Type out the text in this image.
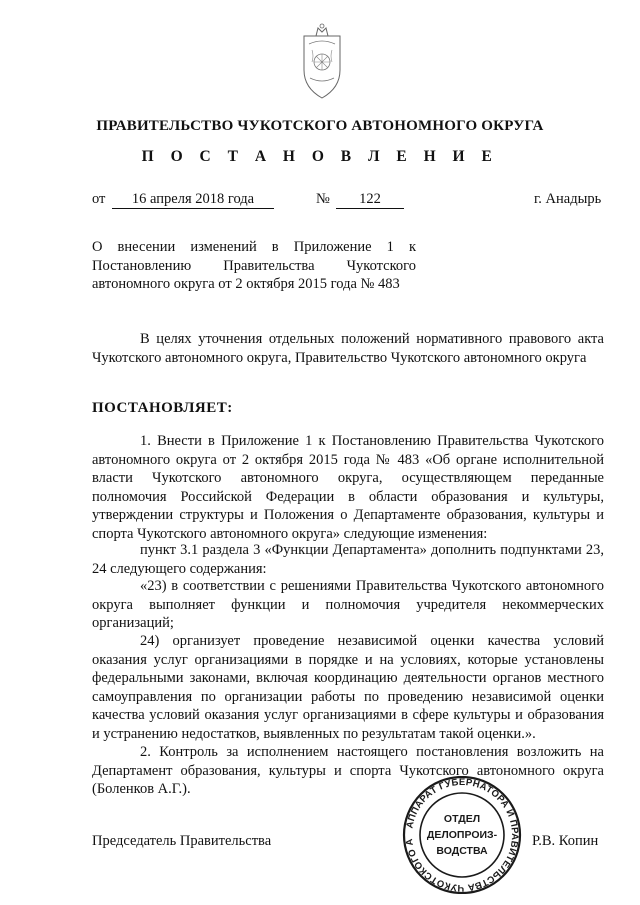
ПРАВИТЕЛЬСТВО ЧУКОТСКОГО АВТОНОМНОГО ОКРУГА
П О С Т А Н О В Л Е Н И Е
от	16 апреля 2018 года	№	122	г. Анадырь
О внесении изменений в Приложение 1 к
Постановлению Правительства Чукотского
автономного округа от 2 октября 2015 года № 483
В целях уточнения отдельных положений нормативного правового акта Чукотского автономного округа, Правительство Чукотского автономного округа
ПОСТАНОВЛЯЕТ:
1. Внести в Приложение 1 к Постановлению Правительства Чукотского автономного округа от 2 октября 2015 года № 483 «Об органе исполнительной власти Чукотского автономного округа, осуществляющем переданные полномочия Российской Федерации в области образования и культуры, утверждении структуры и Положения о Департаменте образования, культуры и спорта Чукотского автономного округа» следующие изменения:
пункт 3.1 раздела 3 «Функции Департамента» дополнить подпунктами 23, 24 следующего содержания:
«23) в соответствии с решениями Правительства Чукотского автономного округа выполняет функции и полномочия учредителя некоммерческих организаций;
24) организует проведение независимой оценки качества условий оказания услуг организациями в порядке и на условиях, которые установлены федеральными законами, включая координацию деятельности органов местного самоуправления по организации работы по проведению независимой оценки качества условий оказания услуг организациями в сфере культуры и образования и устранению недостатков, выявленных по результатам такой оценки.».
2. Контроль за исполнением настоящего постановления возложить на Департамент образования, культуры и спорта Чукотского автономного округа (Боленков А.Г.).
Председатель Правительства	Р.В. Копин
АППАРАТ ГУБЕРНАТОРА И ПРАВИТЕЛЬСТВА ЧУКОТСКОГО А
ОТДЕЛ
ДЕЛОПРОИЗ-
ВОДСТВА
